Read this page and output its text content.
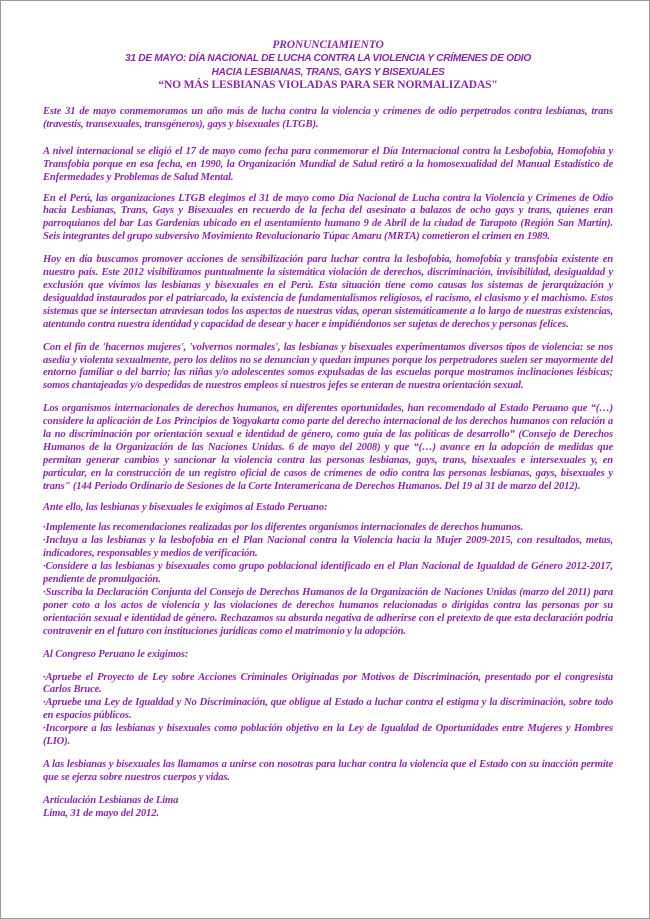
PRONUNCIAMIENTO
31 DE MAYO: DÍA NACIONAL DE LUCHA CONTRA LA VIOLENCIA Y CRÍMENES DE ODIO
HACIA LESBIANAS, TRANS, GAYS Y BISEXUALES
“NO MÁS LESBIANAS VIOLADAS PARA SER NORMALIZADAS"

Este 31 de mayo conmemoramos un año más de lucha contra la violencia y crímenes de odio perpetrados contra lesbianas, trans (travestis, transexuales, transgéneros), gays y bisexuales (LTGB).

A nivel internacional se eligió el 17 de mayo como fecha para conmemorar el Día Internacional contra la Lesbofobia, Homofobia y Transfobia porque en esa fecha, en 1990, la Organización Mundial de Salud retiró a la homosexualidad del Manual Estadístico de Enfermedades y Problemas de Salud Mental.

En el Perú, las organizaciones LTGB elegimos el 31 de mayo como Día Nacional de Lucha contra la Violencia y Crímenes de Odio hacia Lesbianas, Trans, Gays y Bisexuales en recuerdo de la fecha del asesinato a balazos de ocho gays y trans, quienes eran parroquianos del bar Las Gardenias ubicado en el asentamiento humano 9 de Abril de la ciudad de Tarapoto (Región San Martín). Seis integrantes del grupo subversivo Movimiento Revolucionario Túpac Amaru (MRTA) cometieron el crimen en 1989.

Hoy en día buscamos promover acciones de sensibilización para luchar contra la lesbofobia, homofobia y transfobia existente en nuestro país. Este 2012 visibilizamos puntualmente la sistemática violación de derechos, discriminación, invisibilidad, desigualdad y exclusión que vivimos las lesbianas y bisexuales en el Perú. Esta situación tiene como causas los sistemas de jerarquización y desigualdad instaurados por el patriarcado, la existencia de fundamentalismos religiosos, el racismo, el clasismo y el machismo. Estos sistemas que se intersectan atraviesan todos los aspectos de nuestras vidas, operan sistemáticamente a lo largo de nuestras existencias, atentando contra nuestra identidad y capacidad de desear y hacer e impidiéndonos ser sujetas de derechos y personas felices.

Con el fin de 'hacernos mujeres', 'volvernos normales', las lesbianas y bisexuales experimentamos diversos tipos de violencia: se nos asedia y violenta sexualmente, pero los delitos no se denuncian y quedan impunes porque los perpetradores suelen ser mayormente del entorno familiar o del barrio; las niñas y/o adolescentes somos expulsadas de las escuelas porque mostramos inclinaciones lésbicas; somos chantajeadas y/o despedidas de nuestros empleos si nuestros jefes se enteran de nuestra orientación sexual.

Los organismos internacionales de derechos humanos, en diferentes oportunidades, han recomendado al Estado Peruano que “(…) considere la aplicación de Los Principios de Yogyakarta como parte del derecho internacional de los derechos humanos con relación a la no discriminación por orientación sexual e identidad de género, como guía de las políticas de desarrollo” (Consejo de Derechos Humanos de la Organización de las Naciones Unidas. 6 de mayo del 2008) y que “(…) avance en la adopción de medidas que permitan generar cambios y sancionar la violencia contra las personas lesbianas, gays, trans, bisexuales e intersexuales y, en particular, en la construcción de un registro oficial de casos de crímenes de odio contra las personas lesbianas, gays, bisexuales y trans" (144 Periodo Ordinario de Sesiones de la Corte Interamericana de Derechos Humanos. Del 19 al 31 de marzo del 2012).

Ante ello, las lesbianas y bisexuales le exigimos al Estado Peruano:

·Implemente las recomendaciones realizadas por los diferentes organismos internacionales de derechos humanos.

·Incluya a las lesbianas y la lesbofobia en el Plan Nacional contra la Violencia hacia la Mujer 2009-2015, con resultados, metas, indicadores, responsables y medios de verificación.

·Considere a las lesbianas y bisexuales como grupo poblacional identificado en el Plan Nacional de Igualdad de Género 2012-2017, pendiente de promulgación.

·Suscriba la Declaración Conjunta del Consejo de Derechos Humanos de la Organización de Naciones Unidas (marzo del 2011) para poner coto a los actos de violencia y las violaciones de derechos humanos relacionadas o dirigidas contra las personas por su orientación sexual e identidad de género. Rechazamos su absurda negativa de adherirse con el pretexto de que esta declaración podría contravenir en el futuro con instituciones jurídicas como el matrimonio y la adopción.

Al Congreso Peruano le exigimos:

·Apruebe el Proyecto de Ley sobre Acciones Criminales Originadas por Motivos de Discriminación, presentado por el congresista Carlos Bruce.

·Apruebe una Ley de Igualdad y No Discriminación, que obligue al Estado a luchar contra el estigma y la discriminación, sobre todo en espacios públicos.

·Incorpore a las lesbianas y bisexuales como población objetivo en la Ley de Igualdad de Oportunidades entre Mujeres y Hombres (LIO).

A las lesbianas y bisexuales las llamamos a unirse con nosotras para luchar contra la violencia que el Estado con su inacción permite que se ejerza sobre nuestros cuerpos y vidas.

Articulación Lesbianas de Lima

Lima, 31 de mayo del 2012.
